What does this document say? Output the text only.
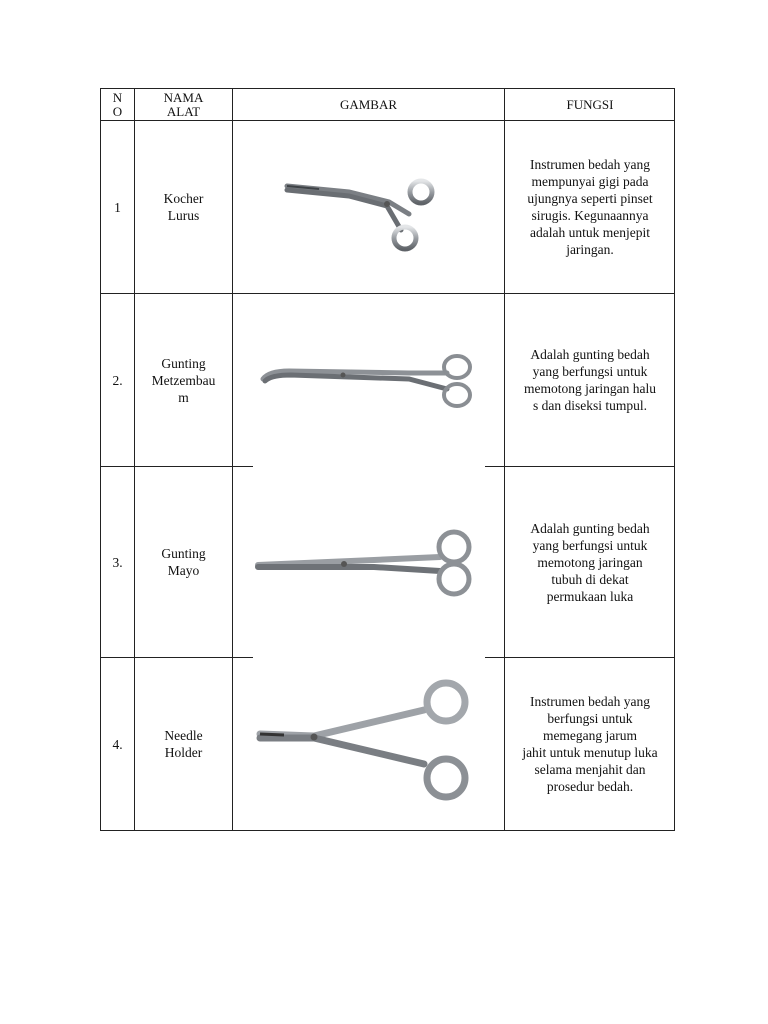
N
O
NAMA
ALAT	GAMBAR	FUNGSI
1
Kocher
Lurus
Instrumen bedah yang
mempunyai gigi pada
ujungnya seperti pinset
sirugis. Kegunaannya
adalah untuk menjepit
jaringan.
2.
Gunting
Metzembau
m
Adalah gunting bedah
yang berfungsi untuk
memotong jaringan halu
s dan diseksi tumpul.
3.
Gunting
Mayo
Adalah gunting bedah
yang berfungsi untuk
memotong jaringan
tubuh di dekat
permukaan luka
4.
Needle
Holder
Instrumen bedah yang
berfungsi untuk
memegang jarum
jahit untuk menutup luka
selama menjahit dan
prosedur bedah.
